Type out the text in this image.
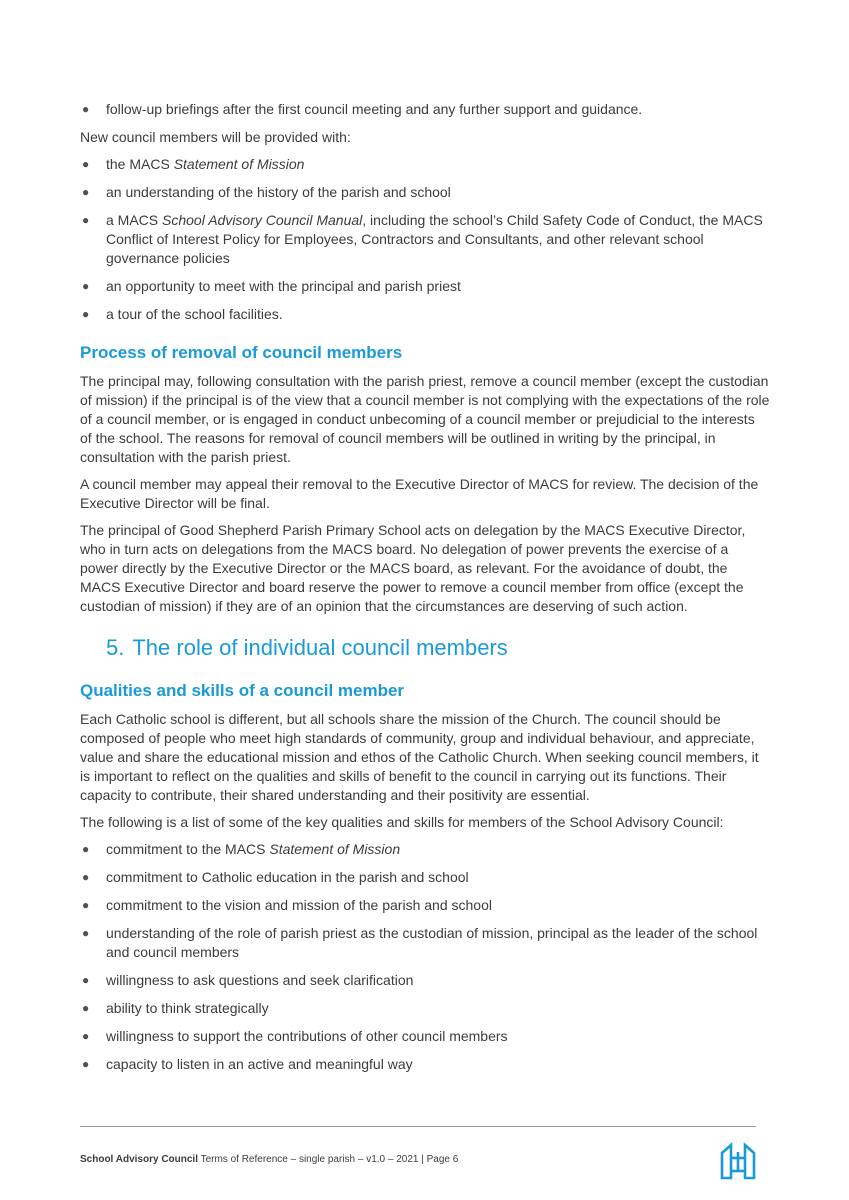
● follow-up briefings after the first council meeting and any further support and guidance.

New council members will be provided with:

● the MACS Statement of Mission
● an understanding of the history of the parish and school
● a MACS School Advisory Council Manual, including the school’s Child Safety Code of Conduct, the MACS Conflict of Interest Policy for Employees, Contractors and Consultants, and other relevant school governance policies
● an opportunity to meet with the principal and parish priest
● a tour of the school facilities.
Process of removal of council members

The principal may, following consultation with the parish priest, remove a council member (except the custodian of mission) if the principal is of the view that a council member is not complying with the expectations of the role of a council member, or is engaged in conduct unbecoming of a council member or prejudicial to the interests of the school. The reasons for removal of council members will be outlined in writing by the principal, in consultation with the parish priest.

A council member may appeal their removal to the Executive Director of MACS for review. The decision of the Executive Director will be final.

The principal of Good Shepherd Parish Primary School acts on delegation by the MACS Executive Director, who in turn acts on delegations from the MACS board. No delegation of power prevents the exercise of a power directly by the Executive Director or the MACS board, as relevant. For the avoidance of doubt, the MACS Executive Director and board reserve the power to remove a council member from office (except the custodian of mission) if they are of an opinion that the circumstances are deserving of such action.

5. The role of individual council members
Qualities and skills of a council member

Each Catholic school is different, but all schools share the mission of the Church. The council should be composed of people who meet high standards of community, group and individual behaviour, and appreciate, value and share the educational mission and ethos of the Catholic Church. When seeking council members, it is important to reflect on the qualities and skills of benefit to the council in carrying out its functions. Their capacity to contribute, their shared understanding and their positivity are essential.

The following is a list of some of the key qualities and skills for members of the School Advisory Council:

● commitment to the MACS Statement of Mission
● commitment to Catholic education in the parish and school
● commitment to the vision and mission of the parish and school
● understanding of the role of parish priest as the custodian of mission, principal as the leader of the school and council members
● willingness to ask questions and seek clarification
● ability to think strategically
● willingness to support the contributions of other council members
● capacity to listen in an active and meaningful way
School Advisory Council Terms of Reference – single parish – v1.0 – 2021 | Page 6
